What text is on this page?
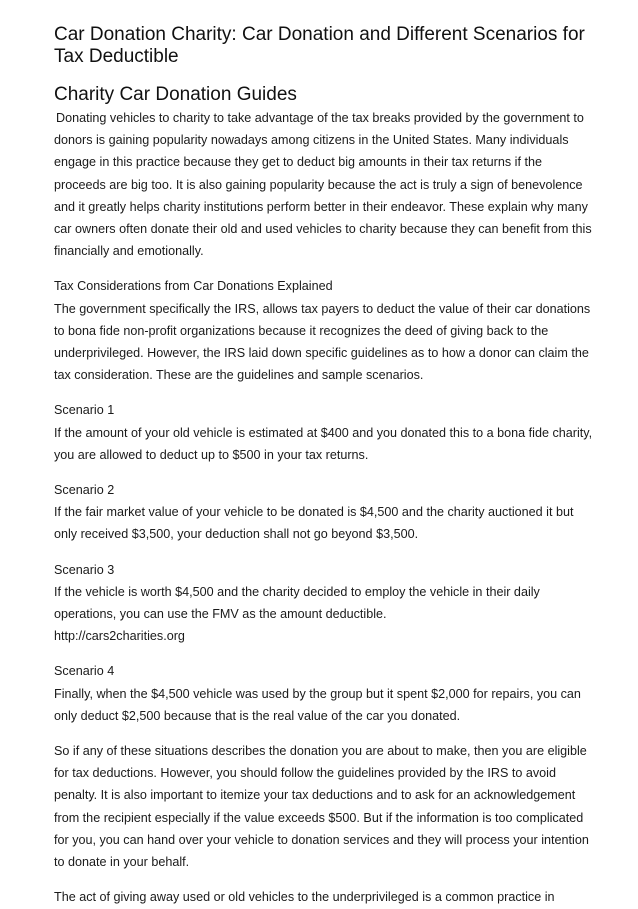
Car Donation Charity: Car Donation and Different Scenarios for Tax Deductible
Charity Car Donation Guides

Donating vehicles to charity to take advantage of the tax breaks provided by the government to donors is gaining popularity nowadays among citizens in the United States. Many individuals engage in this practice because they get to deduct big amounts in their tax returns if the proceeds are big too. It is also gaining popularity because the act is truly a sign of benevolence and it greatly helps charity institutions perform better in their endeavor. These explain why many car owners often donate their old and used vehicles to charity because they can benefit from this financially and emotionally.

Tax Considerations from Car Donations Explained

The government specifically the IRS, allows tax payers to deduct the value of their car donations to bona fide non-profit organizations because it recognizes the deed of giving back to the underprivileged. However, the IRS laid down specific guidelines as to how a donor can claim the tax consideration. These are the guidelines and sample scenarios.

Scenario 1

If the amount of your old vehicle is estimated at $400 and you donated this to a bona fide charity, you are allowed to deduct up to $500 in your tax returns.

Scenario 2

If the fair market value of your vehicle to be donated is $4,500 and the charity auctioned it but only received $3,500, your deduction shall not go beyond $3,500.

Scenario 3

If the vehicle is worth $4,500 and the charity decided to employ the vehicle in their daily operations, you can use the FMV as the amount deductible.

http://cars2charities.org

Scenario 4

Finally, when the $4,500 vehicle was used by the group but it spent $2,000 for repairs, you can only deduct $2,500 because that is the real value of the car you donated.

So if any of these situations describes the donation you are about to make, then you are eligible for tax deductions. However, you should follow the guidelines provided by the IRS to avoid penalty. It is also important to itemize your tax deductions and to ask for an acknowledgement from the recipient especially if the value exceeds $500. But if the information is too complicated for you, you can hand over your vehicle to donation services and they will process your intention to donate in your behalf.

The act of giving away used or old vehicles to the underprivileged is a common practice in
